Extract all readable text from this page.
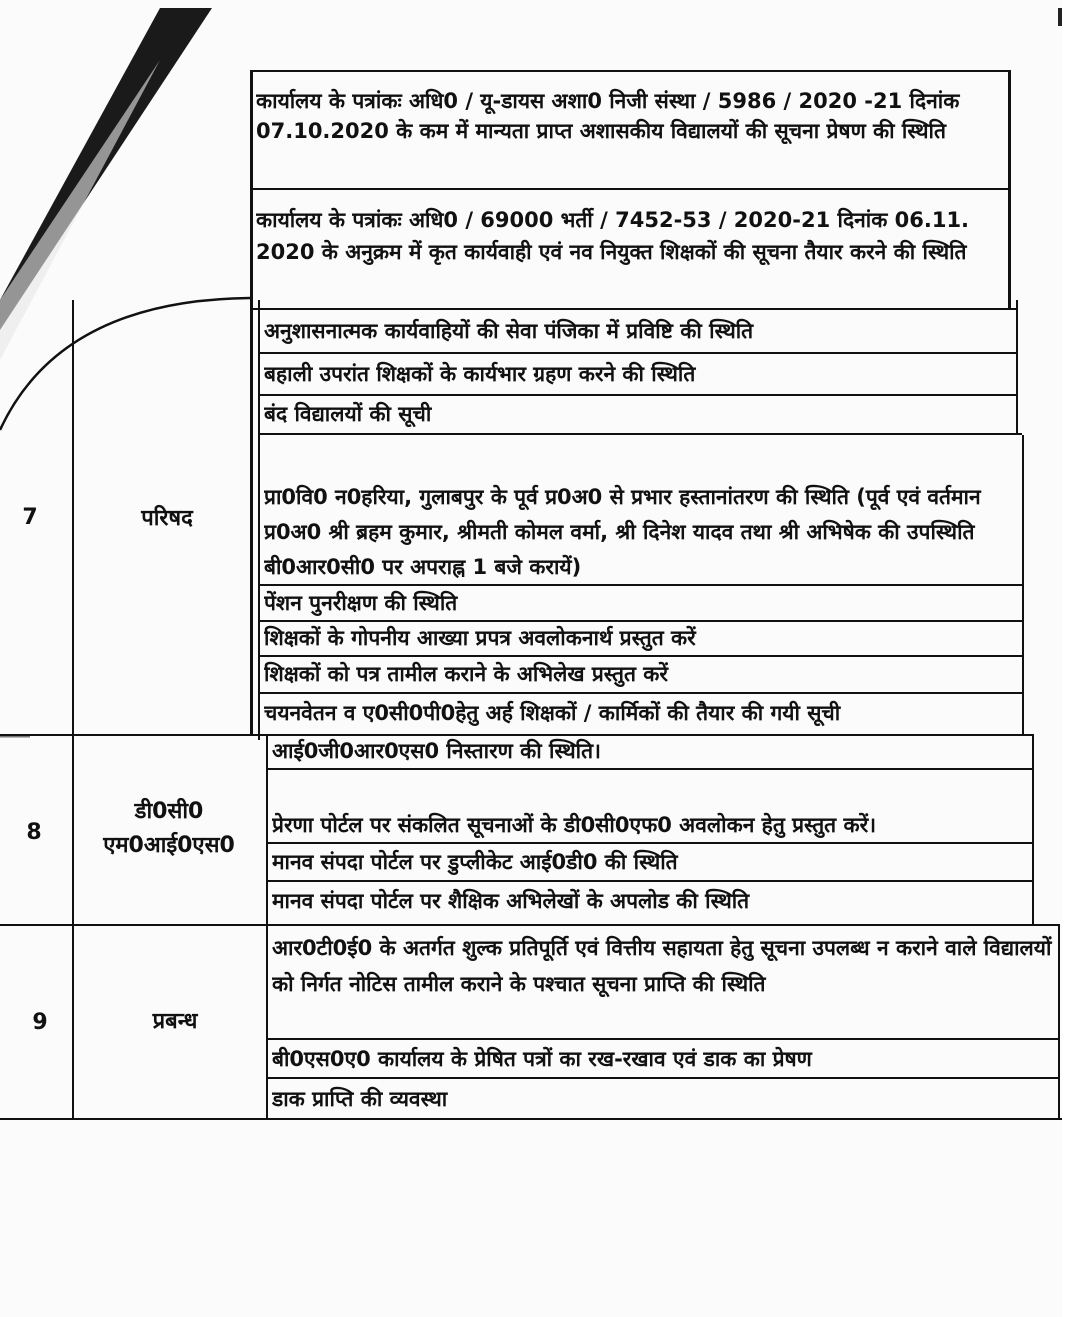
कार्यालय के पत्रांकः अधि0 / यू-डायस अशा0 निजी संस्था / 5986 / 2020 -21 दिनांक 07.10.2020 के कम में मान्यता प्राप्त अशासकीय विद्यालयों की सूचना प्रेषण की स्थिति
कार्यालय के पत्रांकः अधि0 / 69000 भर्ती / 7452-53 / 2020-21 दिनांक 06.11. 2020 के अनुक्रम में कृत कार्यवाही एवं नव नियुक्त शिक्षकों की सूचना तैयार करने की स्थिति
7	परिषद
अनुशासनात्मक कार्यवाहियों की सेवा पंजिका में प्रविष्टि की स्थिति
बहाली उपरांत शिक्षकों के कार्यभार ग्रहण करने की स्थिति
बंद विद्यालयों की सूची
प्रा0वि0 न0हरिया, गुलाबपुर के पूर्व प्र0अ0 से प्रभार हस्तानांतरण की स्थिति (पूर्व एवं वर्तमान प्र0अ0 श्री ब्रहम कुमार, श्रीमती कोमल वर्मा, श्री दिनेश यादव तथा श्री अभिषेक की उपस्थिति बी0आर0सी0 पर अपराह्न 1 बजे करायें)
पेंशन पुनरीक्षण की स्थिति
शिक्षकों के गोपनीय आख्या प्रपत्र अवलोकनार्थ प्रस्तुत करें
शिक्षकों को पत्र तामील कराने के अभिलेख प्रस्तुत करें
चयनवेतन व ए0सी0पी0हेतु अर्ह शिक्षकों / कार्मिकों की तैयार की गयी सूची
8
डी0सी0
एम0आई0एस0
आई0जी0आर0एस0 निस्तारण की स्थिति।
प्रेरणा पोर्टल पर संकलित सूचनाओं के डी0सी0एफ0 अवलोकन हेतु प्रस्तुत करें।
मानव संपदा पोर्टल पर डुप्लीकेट आई0डी0 की स्थिति
मानव संपदा पोर्टल पर शैक्षिक अभिलेखों के अपलोड की स्थिति
9	प्रबन्ध
आर0टी0ई0 के अतर्गत शुल्क प्रतिपूर्ति एवं वित्तीय सहायता हेतु सूचना उपलब्ध न कराने वाले विद्यालयों को निर्गत नोटिस तामील कराने के पश्चात सूचना प्राप्ति की स्थिति
बी0एस0ए0 कार्यालय के प्रेषित पत्रों का रख-रखाव एवं डाक का प्रेषण
डाक प्राप्ति की व्यवस्था
